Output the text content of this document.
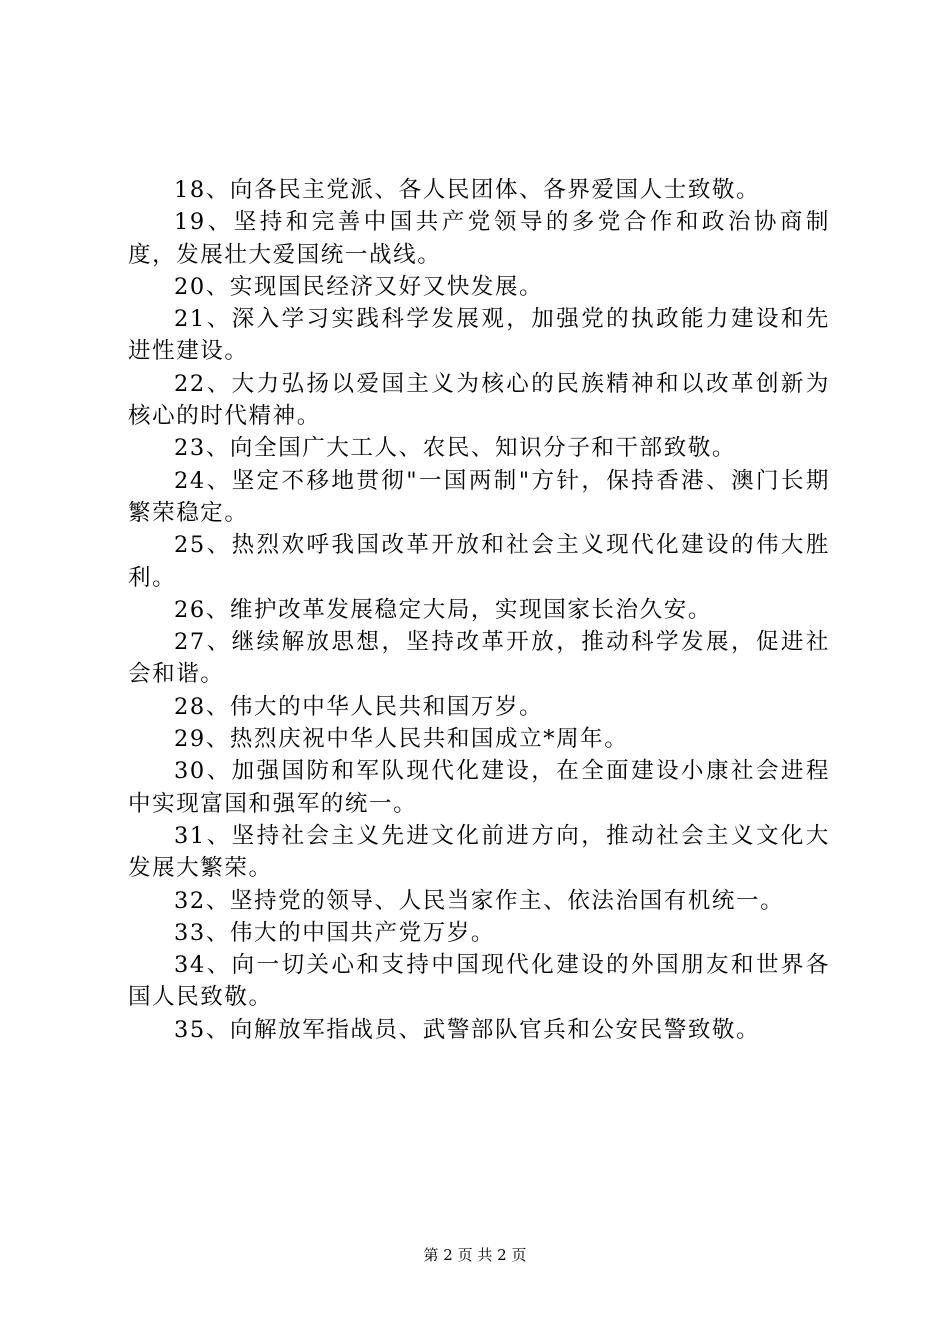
18、向各民主党派、各人民团体、各界爱国人士致敬。

19、坚持和完善中国共产党领导的多党合作和政治协商制度，发展壮大爱国统一战线。

20、实现国民经济又好又快发展。

21、深入学习实践科学发展观，加强党的执政能力建设和先进性建设。

22、大力弘扬以爱国主义为核心的民族精神和以改革创新为核心的时代精神。

23、向全国广大工人、农民、知识分子和干部致敬。

24、坚定不移地贯彻"一国两制"方针，保持香港、澳门长期繁荣稳定。

25、热烈欢呼我国改革开放和社会主义现代化建设的伟大胜利。

26、维护改革发展稳定大局，实现国家长治久安。

27、继续解放思想，坚持改革开放，推动科学发展，促进社会和谐。

28、伟大的中华人民共和国万岁。

29、热烈庆祝中华人民共和国成立*周年。

30、加强国防和军队现代化建设，在全面建设小康社会进程中实现富国和强军的统一。

31、坚持社会主义先进文化前进方向，推动社会主义文化大发展大繁荣。

32、坚持党的领导、人民当家作主、依法治国有机统一。

33、伟大的中国共产党万岁。

34、向一切关心和支持中国现代化建设的外国朋友和世界各国人民致敬。

35、向解放军指战员、武警部队官兵和公安民警致敬。

第 2 页 共 2 页
